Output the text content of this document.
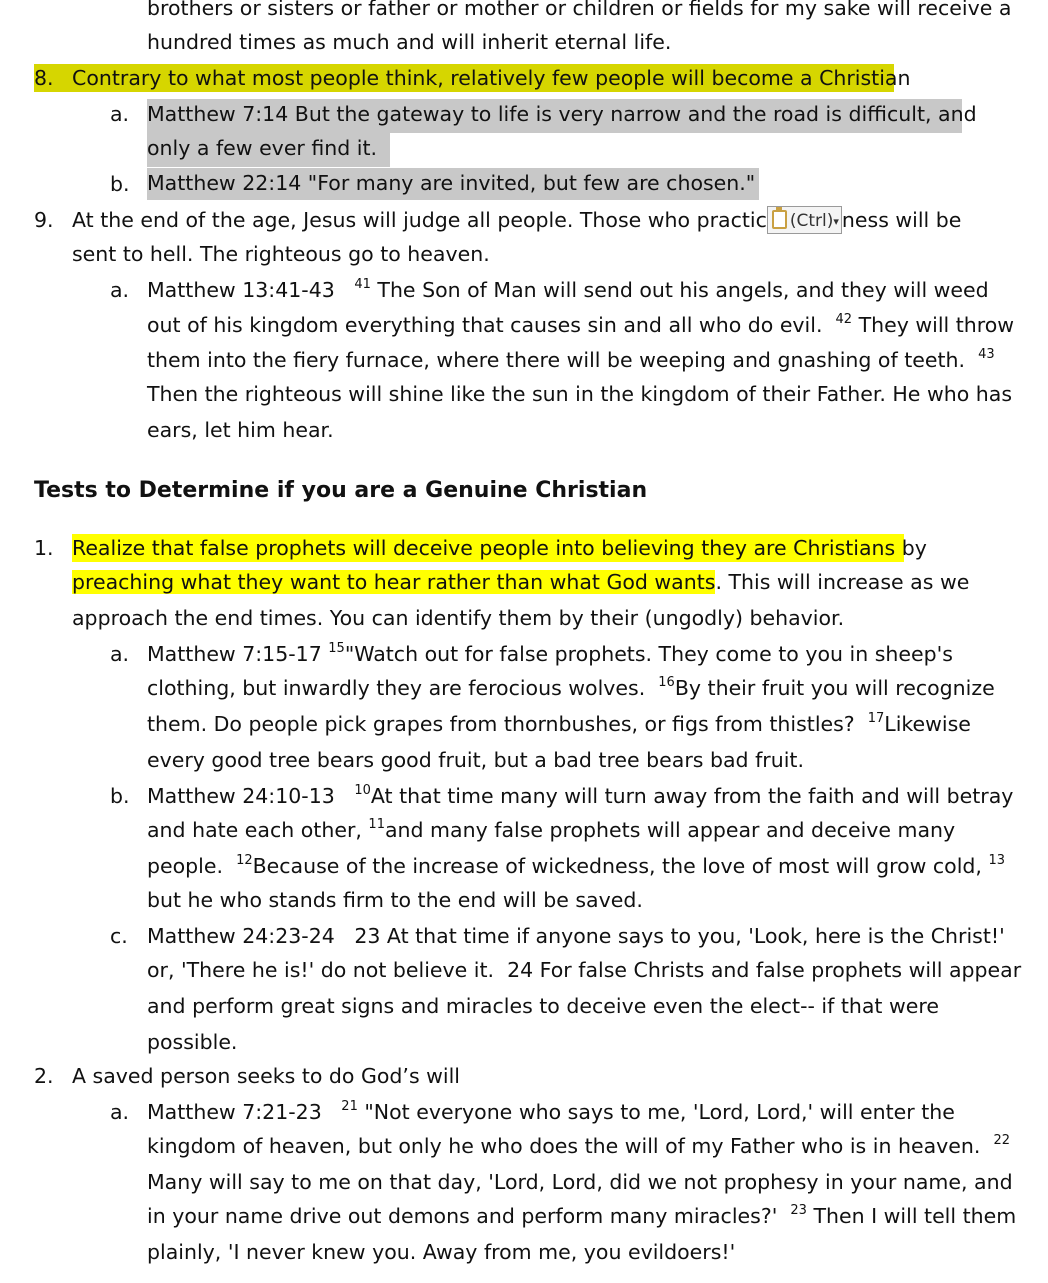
brothers or sisters or father or mother or children or fields for my sake will receive a
hundred times as much and will inherit eternal life.
8. Contrary to what most people think, relatively few people will become a Christian
a. Matthew 7:14 But the gateway to life is very narrow and the road is difficult, and
only a few ever find it.
b. Matthew 22:14 "For many are invited, but few are chosen."
9. At the end of the age, Jesus will judge all people. Those who practic (Ctrl)▾ ness will be
sent to hell. The righteous go to heaven.
a. Matthew 13:41-43 $^{41}$ The Son of Man will send out his angels, and they will weed
out of his kingdom everything that causes sin and all who do evil. $^{42}$ They will throw
them into the fiery furnace, where there will be weeping and gnashing of teeth. $^{43}$
Then the righteous will shine like the sun in the kingdom of their Father. He who has
ears, let him hear.
Tests to Determine if you are a Genuine Christian
1. Realize that false prophets will deceive people into believing they are Christians by
preaching what they want to hear rather than what God wants. This will increase as we
approach the end times. You can identify them by their (ungodly) behavior.
a. Matthew 7:15-17 $^{15}$"Watch out for false prophets. They come to you in sheep's
clothing, but inwardly they are ferocious wolves. $^{16}$By their fruit you will recognize
them. Do people pick grapes from thornbushes, or figs from thistles? $^{17}$Likewise
every good tree bears good fruit, but a bad tree bears bad fruit.
b. Matthew 24:10-13 $^{10}$At that time many will turn away from the faith and will betray
and hate each other, $^{11}$and many false prophets will appear and deceive many
people. $^{12}$Because of the increase of wickedness, the love of most will grow cold, $^{13}$
but he who stands firm to the end will be saved.
c. Matthew 24:23-24   23 At that time if anyone says to you, 'Look, here is the Christ!'
or, 'There he is!' do not believe it.  24 For false Christs and false prophets will appear
and perform great signs and miracles to deceive even the elect-- if that were
possible.
2. A saved person seeks to do God’s will
a. Matthew 7:21-23 $^{21}$ "Not everyone who says to me, 'Lord, Lord,' will enter the
kingdom of heaven, but only he who does the will of my Father who is in heaven. $^{22}$
Many will say to me on that day, 'Lord, Lord, did we not prophesy in your name, and
in your name drive out demons and perform many miracles?' $^{23}$ Then I will tell them
plainly, 'I never knew you. Away from me, you evildoers!'
